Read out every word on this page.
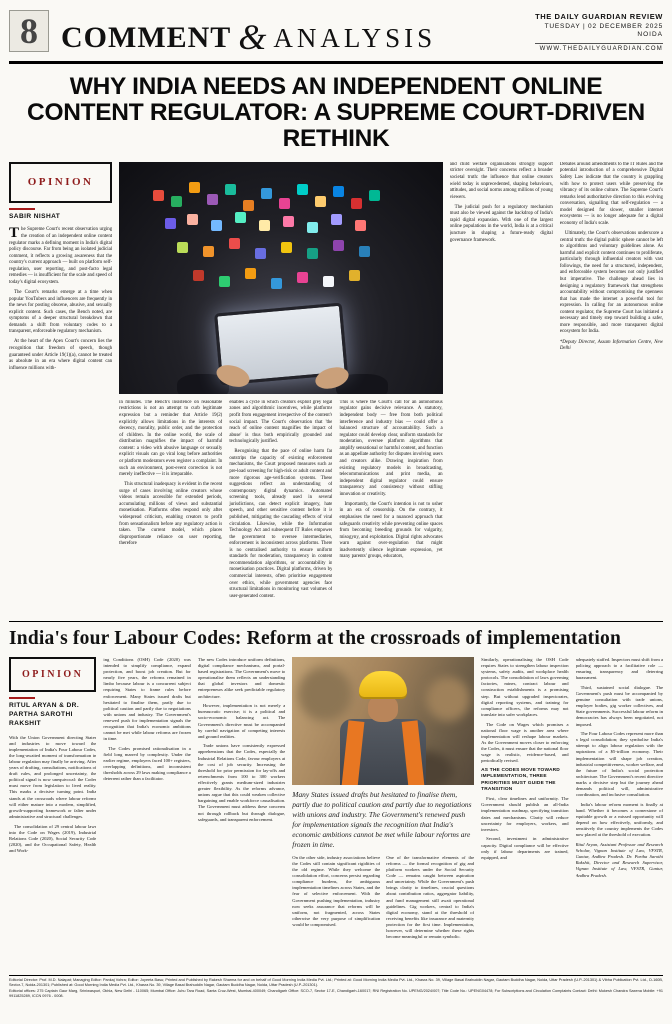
8 COMMENT & ANALYSIS
THE DAILY GUARDIAN REVIEW
TUESDAY | 02 DECEMBER 2025
NOIDA
WWW.THEDAILYGUARDIAN.COM
WHY INDIA NEEDS AN INDEPENDENT ONLINE CONTENT REGULATOR: A SUPREME COURT-DRIVEN RETHINK
OPINION
SABIR NISHAT

The Supreme Court's recent observation urging the creation of an independent online content regulator marks a defining moment in India's digital policy discourse. Far from being an isolated judicial comment, it reflects a growing awareness that the country's current approach — built on platform self-regulation, user reporting, and post-facto legal remedies — is insufficient for the scale and speed of today's digital ecosystem.

The Court's remarks emerge at a time when popular YouTubers and influencers are frequently in the news for posting obscene, abusive, and sexually explicit content. Such cases, the Bench noted, are symptoms of a deeper structural breakdown that demands a shift from voluntary codes to a transparent, enforceable regulatory mechanism.

At the heart of the Apex Court's concern lies the recognition that freedom of speech, though guaranteed under Article 19(1)(a), cannot be treated as absolute in an era where digital content can influence millions with-

in minutes. The Bench's insistence on reasonable restrictions is not an attempt to curb legitimate expression but a reminder that Article 19(2) explicitly allows limitations in the interests of decency, morality, public order, and the protection of children. In the online world, the scale of distribution magnifies the impact of harmful content: a video with abusive language or sexually explicit visuals can go viral long before authorities or platform moderators even register a complaint. In such an environment, post-event correction is not merely ineffective — it is irreparable.

This structural inadequacy is evident in the recent surge of cases involving online creators whose videos remain accessible for extended periods, accumulating millions of views and substantial monetisation. Platforms often respond only after widespread criticism, enabling creators to profit from sensationalism before any regulatory action is taken. The current model, which places disproportionate reliance on user reporting, therefore

enables a cycle in which creators exploit grey legal zones and algorithmic incentives, while platforms profit from engagement irrespective of the content's social impact. The Court's observation that 'the reach of online content magnifies the impact of abuse' is thus both empirically grounded and technologically justified.

Recognising that the pace of online harm far outstrips the capacity of existing enforcement mechanisms, the Court proposed measures such as pre-load screening for high-risk or adult content and more rigorous age-verification systems. These suggestions reflect an understanding of contemporary digital dynamics. Automated screening tools, already used in several jurisdictions, can detect explicit imagery, hate speech, and other sensitive content before it is published, mitigating the cascading effects of viral circulation. Likewise, while the Information Technology Act and subsequent IT Rules empower the government to oversee intermediaries, enforcement is inconsistent across platforms. There is no centralised authority to ensure uniform standards for moderation, transparency in content recommendation algorithms, or accountability in monetisation practices. Digital platforms, driven by commercial interests, often prioritise engagement over ethics, while government agencies face structural limitations in monitoring vast volumes of user-generated content.

This is where the Court's call for an autonomous regulator gains decisive relevance. A statutory, independent body — free from both political interference and industry bias — could offer a balanced structure of accountability. Such a regulator could develop clear, uniform standards for moderation, oversee platform algorithms that amplify sensational or harmful content, and function as an appellate authority for disputes involving users and creators alike. Drawing inspiration from existing regulatory models in broadcasting, telecommunications and print media, an independent digital regulator could ensure transparency and consistency without stifling innovation or creativity.

Importantly, the Court's intention is not to usher in an era of censorship. On the contrary, it emphasises the need for a nuanced approach that safeguards creativity while preventing online spaces from becoming breeding grounds for vulgarity, misogyny, and exploitation. Digital rights advocates warn against over-regulation that might inadvertently silence legitimate expression, yet many parents' groups, educators,

and child welfare organisations strongly support stricter oversight. Their concerns reflect a broader societal truth: the influence that online creators wield today is unprecedented, shaping behaviours, attitudes, and social norms among millions of young viewers.

The judicial push for a regulatory mechanism must also be viewed against the backdrop of India's rapid digital expansion. With one of the largest online populations in the world, India is at a critical juncture in shaping a future-ready digital governance framework.

Debates around amendments to the IT Rules and the potential introduction of a comprehensive Digital Safety Law indicate that the country is grappling with how to protect users while preserving the vibrancy of its online culture. The Supreme Court's remarks lend authoritative direction to this evolving conversation, signalling that self-regulation — a model designed for slower, smaller internet ecosystems — is no longer adequate for a digital economy of India's scale.

Ultimately, the Court's observations underscore a central truth: the digital public sphere cannot be left to algorithms and voluntary guidelines alone. As harmful and explicit content continues to proliferate, particularly through influential creators with vast followings, the need for a structured, independent, and enforceable system becomes not only justified but imperative. The challenge ahead lies in designing a regulatory framework that strengthens accountability without compromising the openness that has made the internet a powerful tool for expression. In calling for an autonomous online content regulator, the Supreme Court has initiated a necessary and timely step toward building a safer, more responsible, and more transparent digital ecosystem for India.

*Deputy Director, Assam Information Centre, New Delhi

India's four Labour Codes: Reform at the crossroads of implementation
OPINION
RITUL ARYAN & DR. PARTHA SAROTHI RAKSHIT

With the Union Government directing States and industries to move toward the implementation of India's Four Labour Codes, the long-awaited moment of transformation in labour regulation may finally be arriving. After years of drafting, consultations, notifications of draft rules, and prolonged uncertainty, the political signal is now unequivocal: the Codes must move from legislation to lived reality. This marks a decisive turning point. India stands at the crossroads where labour reforms will either mature into a modern, simplified, growth-supporting framework or falter under administrative and structural challenges.

The consolidation of 29 central labour laws into the Code on Wages (2019), Industrial Relations Code (2020), Social Security Code (2020), and the Occupational Safety, Health and Work-

ing Conditions (OSH) Code (2020) was intended to simplify compliance, expand protection, and boost job creation. But for nearly five years, the reforms remained in limbo because labour is a concurrent subject requiring States to frame rules before enforcement. Many States issued drafts but hesitated to finalise them, partly due to political caution and partly due to negotiations with unions and industry. The Government's renewed push for implementation signals the recognition that India's economic ambitions cannot be met while labour reforms are frozen in time.

The Codes promised rationalisation in a field long marred by complexity. Under the earlier regime, employers faced 100+ registers, overlapping definitions, and inconsistent thresholds across 29 laws making compliance a deterrent rather than a facilitator.

The new Codes introduce uniform definitions, digital compliance mechanisms, and portal-based registrations. The Government's move to operationalise them reflects an understanding that global investors and domestic entrepreneurs alike seek predictable regulatory architecture.

However, implementation is not merely a bureaucratic exercise; it is a political and socio-economic balancing act. The Government's directive must be accompanied by careful navigation of competing interests and ground realities.

Trade unions have consistently expressed apprehensions that the Codes, especially the Industrial Relations Code, favour employers at the cost of job security. Increasing the threshold for prior permission for lay-offs and retrenchments from 100 to 300 workers effectively grants medium-sized industries greater flexibility. As the reforms advance, unions argue that this could weaken collective bargaining and enable workforce casualisation. The Government must address these concerns not through rollback but through dialogue, safeguards, and transparent enforcement.

Many States issued drafts but hesitated to finalise them, partly due to political caution and partly due to negotiations with unions and industry. The Government's renewed push for implementation signals the recognition that India's economic ambitions cannot be met while labour reforms are frozen in time.

On the other side, industry associations believe the Codes still contain significant rigidities of the old regime. While they welcome the consolidation effort, concerns persist regarding compliance burdens, the ambiguous implementation timelines across States, and the fear of selective enforcement. With the Government pushing implementation, industry now seeks assurance that reforms will be uniform, not fragmented, across States otherwise the very purpose of simplification would be compromised.

One of the transformative elements of the reforms — the formal recognition of gig and platform workers under the Social Security Code — remains caught between aspiration and uncertainty. While the Government's push brings clarity to timelines, crucial questions about contribution ratios, aggregator liability, and fund management still await operational guidelines. Gig workers, central to India's digital economy, stand at the threshold of receiving benefits like insurance and maternity protection for the first time. Implementation, however, will determine whether these rights become meaningful or remain symbolic.

Similarly, operationalising the OSH Code requires States to strengthen labour inspection systems, safety audits, and workplace health protocols. The consolidation of laws governing factories, mines, contract labour and construction establishments is a promising step. But without upgraded inspectorates, digital reporting systems, and training for compliance officers, the reforms may not translate into safer workplaces.

The Code on Wages which promises a national floor wage is another area where implementation will reshape labour markets. As the Government moves closer to enforcing the Codes, it must ensure that the national floor wage is realistic, evidence-based, and periodically revised.

AS THE CODES MOVE TOWARD IMPLEMENTATION, THREE PRIORITIES MUST GUIDE THE TRANSITION

First, clear timelines and uniformity. The Government should publish an all-India implementation roadmap, specifying transition dates and mechanisms. Clarity will reduce uncertainty for employers, workers, and investors.

Second, investment in administrative capacity. Digital compliance will be effective only if labour departments are trained, equipped, and

adequately staffed. Inspectors must shift from a policing approach to a facilitative role — ensuring transparency and deterring harassment.

Third, sustained social dialogue. The Government's push must be accompanied by genuine consultation with trade unions, employer bodies, gig worker collectives, and State governments. Successful labour reform in democracies has always been negotiated, not imposed.

The Four Labour Codes represent more than a legal consolidation; they symbolise India's attempt to align labour regulation with the aspirations of a $5-trillion economy. Their implementation will shape job creation, industrial competitiveness, worker welfare, and the future of India's social protection architecture. The Government's recent directive marks a decisive step but the journey ahead demands political will, administrative coordination, and inclusive consultation.

India's labour reform moment is finally at hand. Whether it becomes a cornerstone of equitable growth or a missed opportunity will depend on how effectively, uniformly, and sensitively the country implements the Codes now placed at the threshold of execution.

Ritul Aryan, Assistant Professor and Research Scholar, Vignan Institute of Law, VFSTR, Guntur, Andhra Pradesh. Dr. Partha Sarothi Rakshit, Director and Research Supervisor, Vignan Institute of Law, VFSTR, Guntur, Andhra Pradesh.

Editorial Director: Prof. M.D. Nalapat; Managing Editor: Pankaj Vohra; Editor: Joyeeta Basu; Printed and Published by Rakesh Sharma for and on behalf of Good Morning India Media Pvt. Ltd.; Printed at: Good Morning India Media Pvt. Ltd., Khasra No. 39, Village Basai Brahuddin Nagar, Gautam Buddha Nagar, Noida, Uttar Pradesh (U.P.-201301) & Vibha Publication Pvt. Ltd., D-160B, Sector-7, Noida-201301; Published at: Good Morning India Media Pvt. Ltd., Khasra No. 39, Village Basai Brahuddin Nagar, Gautam Buddha Nagar, Noida, Uttar Pradesh (U.P.-201301).
Editorial offices: 275 Captain Gaur Marg, Sriniwaspuri, Okhla, New Delhi - 110065; Mumbai Office: Juhu Tara Road, Santa Cruz-West, Mumbai-400049; Chandigarh Office: SCO-7, Sector 17-E, Chandigarh-160017; RNI Registration No. UPENG/2024/007; Title Code No.: UPENG04478; For Subscriptions and Circulation Complaints Contact: Delhi: Mukesh Chandra Saxena Mobile: +91 9911825289, ICCN 0976 - 0008.
